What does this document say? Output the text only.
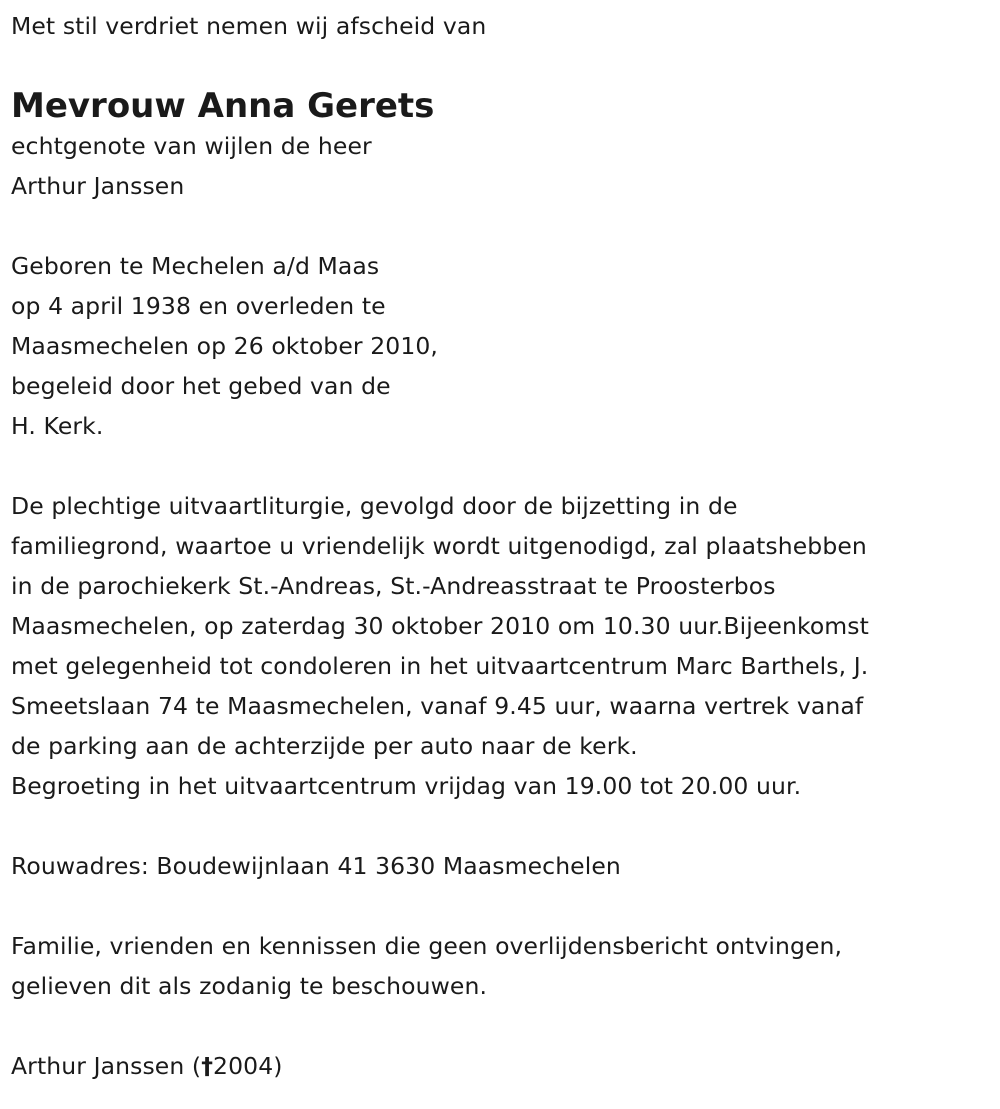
Met stil verdriet nemen wij afscheid van
Mevrouw Anna Gerets
echtgenote van wijlen de heer
Arthur Janssen
Geboren te Mechelen a/d Maas
op 4 april 1938 en overleden te
Maasmechelen op 26 oktober 2010,
begeleid door het gebed van de
H. Kerk.
De plechtige uitvaartliturgie, gevolgd door de bijzetting in de
familiegrond, waartoe u vriendelijk wordt uitgenodigd, zal plaatshebben
in de parochiekerk St.-Andreas, St.-Andreasstraat te Proosterbos
Maasmechelen, op zaterdag 30 oktober 2010 om 10.30 uur.Bijeenkomst
met gelegenheid tot condoleren in het uitvaartcentrum Marc Barthels, J.
Smeetslaan 74 te Maasmechelen, vanaf 9.45 uur, waarna vertrek vanaf
de parking aan de achterzijde per auto naar de kerk.
Begroeting in het uitvaartcentrum vrijdag van 19.00 tot 20.00 uur.
Rouwadres: Boudewijnlaan 41 3630 Maasmechelen
Familie, vrienden en kennissen die geen overlijdensbericht ontvingen,
gelieven dit als zodanig te beschouwen.
Arthur Janssen (†2004)
